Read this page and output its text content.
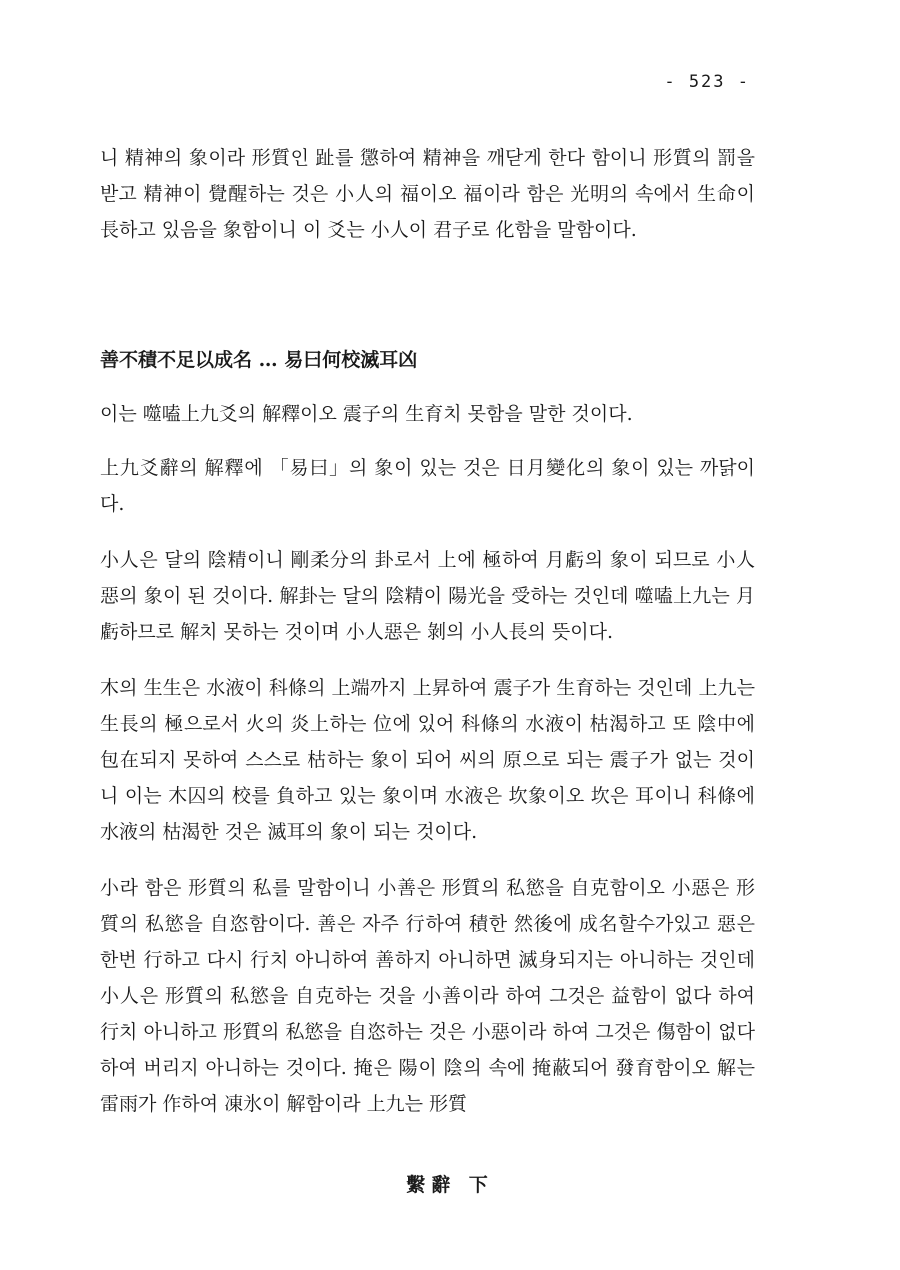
- 523 -

니 精神의 象이라 形質인 趾를 懲하여 精神을 깨닫게 한다 함이니 形質의 罰을 받고 精神이 覺醒하는 것은 小人의 福이오 福이라 함은 光明의 속에서 生命이 長하고 있음을 象함이니 이 爻는 小人이 君子로 化함을 말함이다.

善不積不足以成名 … 易曰何校滅耳凶

이는 噬嗑上九爻의 解釋이오 震子의 生育치 못함을 말한 것이다.

上九爻辭의 解釋에 「易曰」의 象이 있는 것은 日月變化의 象이 있는 까닭이다.

小人은 달의 陰精이니 剛柔分의 卦로서 上에 極하여 月虧의 象이 되므로 小人惡의 象이 된 것이다. 解卦는 달의 陰精이 陽光을 受하는 것인데 噬嗑上九는 月虧하므로 解치 못하는 것이며 小人惡은 剝의 小人長의 뜻이다.

木의 生生은 水液이 科條의 上端까지 上昇하여 震子가 生育하는 것인데 上九는 生長의 極으로서 火의 炎上하는 位에 있어 科條의 水液이 枯渴하고 또 陰中에 包在되지 못하여 스스로 枯하는 象이 되어 씨의 原으로 되는 震子가 없는 것이니 이는 木囚의 校를 負하고 있는 象이며 水液은 坎象이오 坎은 耳이니 科條에 水液의 枯渴한 것은 滅耳의 象이 되는 것이다.

小라 함은 形質의 私를 말함이니 小善은 形質의 私慾을 自克함이오 小惡은 形質의 私慾을 自恣함이다. 善은 자주 行하여 積한 然後에 成名할수가있고 惡은 한번 行하고 다시 行치 아니하여 善하지 아니하면 滅身되지는 아니하는 것인데 小人은 形質의 私慾을 自克하는 것을 小善이라 하여 그것은 益함이 없다 하여 行치 아니하고 形質의 私慾을 自恣하는 것은 小惡이라 하여 그것은 傷함이 없다 하여 버리지 아니하는 것이다. 掩은 陽이 陰의 속에 掩蔽되어 發育함이오 解는 雷雨가 作하여 凍氷이 解함이라 上九는 形質

繫辭 下
